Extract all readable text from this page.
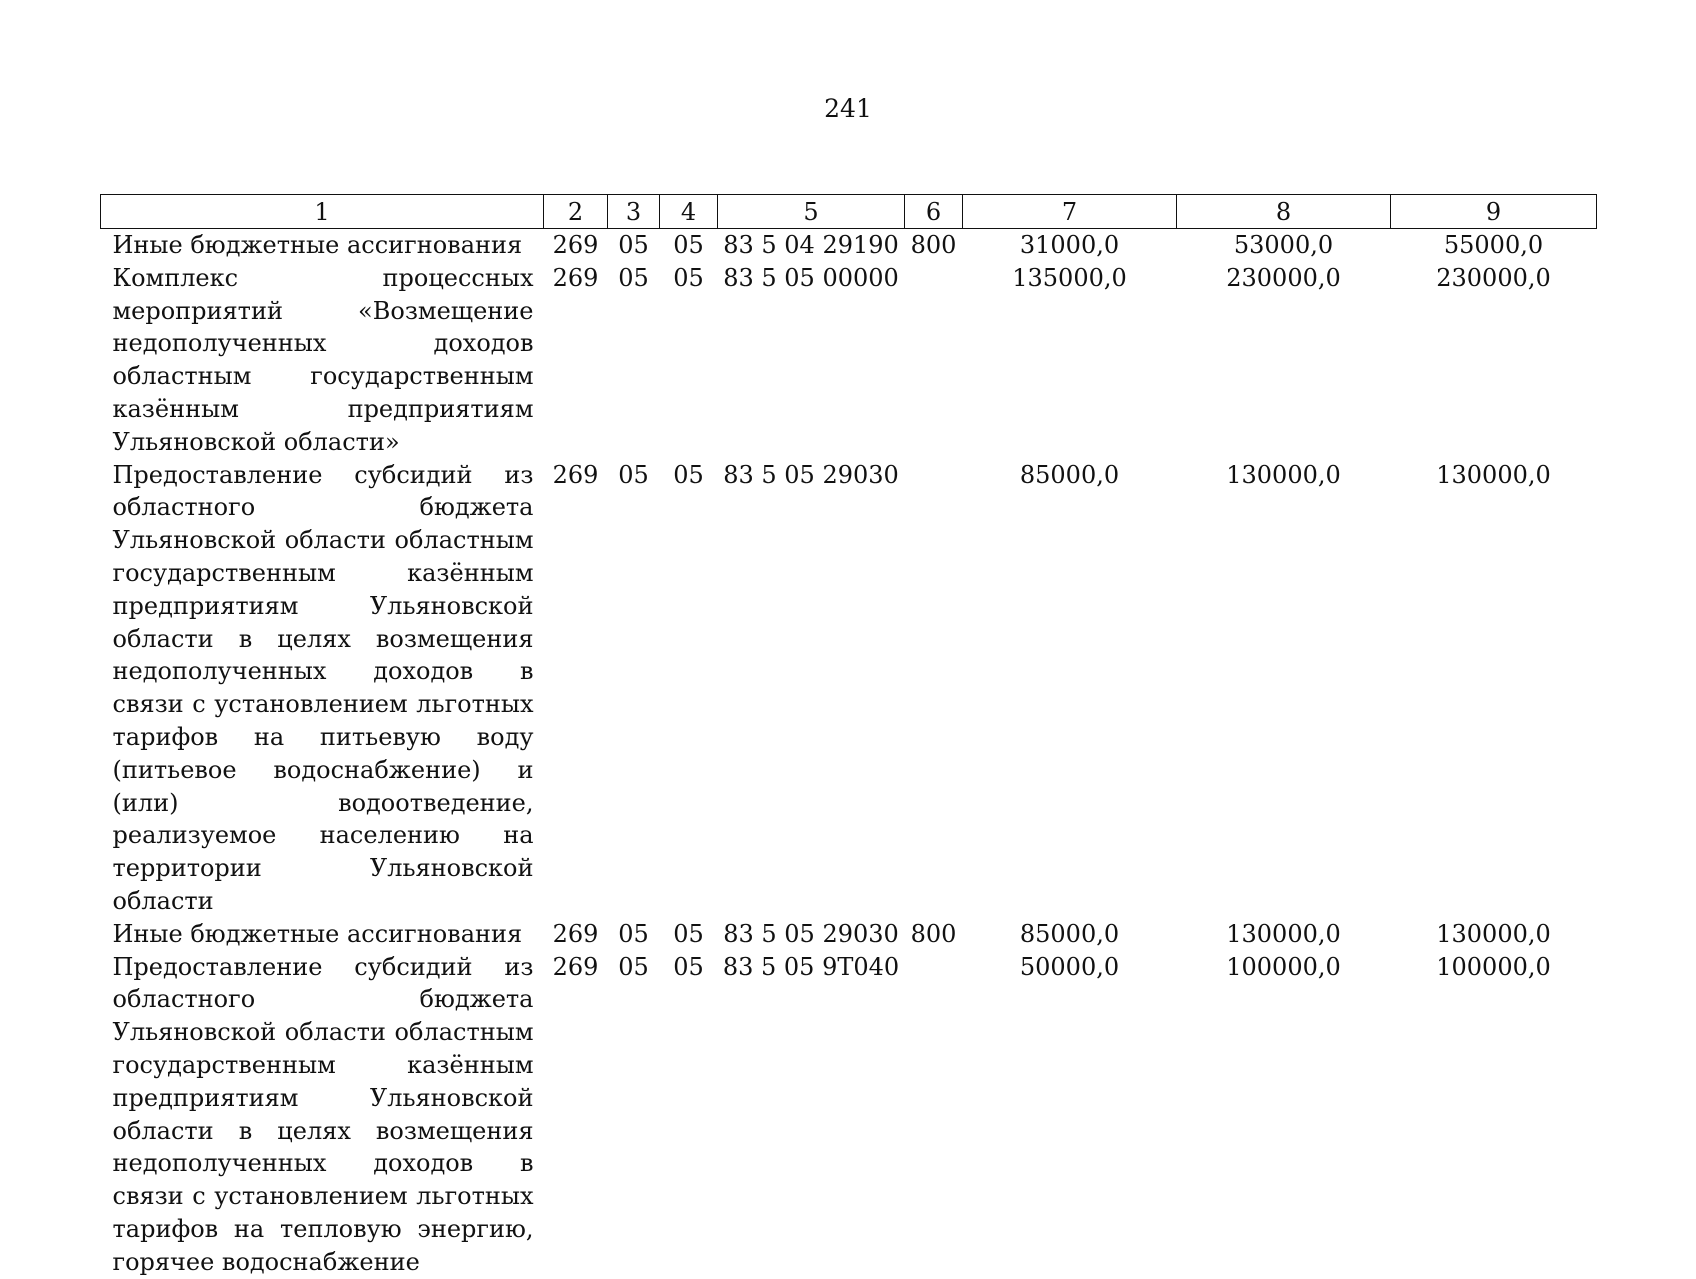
241
1	2	3	4	5	6	7	8	9
Иные бюджетные ассигнования	269	05	05	83 5 04 29190	800	31000,0	53000,0	55000,0
Комплекс процессных мероприятий «Возмещение недополученных доходов областным государственным казённым предприятиям Ульяновской области»	269	05	05	83 5 05 00000		135000,0	230000,0	230000,0
Предоставление субсидий из областного бюджета Ульяновской области областным государственным казённым предприятиям Ульяновской области в целях возмещения недополученных доходов в связи с установлением льготных тарифов на питьевую воду (питьевое водоснабжение) и (или) водоотведение, реализуемое населению на территории Ульяновской области	269	05	05	83 5 05 29030		85000,0	130000,0	130000,0
Иные бюджетные ассигнования	269	05	05	83 5 05 29030	800	85000,0	130000,0	130000,0
Предоставление субсидий из областного бюджета Ульяновской области областным государственным казённым предприятиям Ульяновской области в целях возмещения недополученных доходов в связи с установлением льготных тарифов на тепловую энергию, горячее водоснабжение	269	05	05	83 5 05 9Т040		50000,0	100000,0	100000,0
